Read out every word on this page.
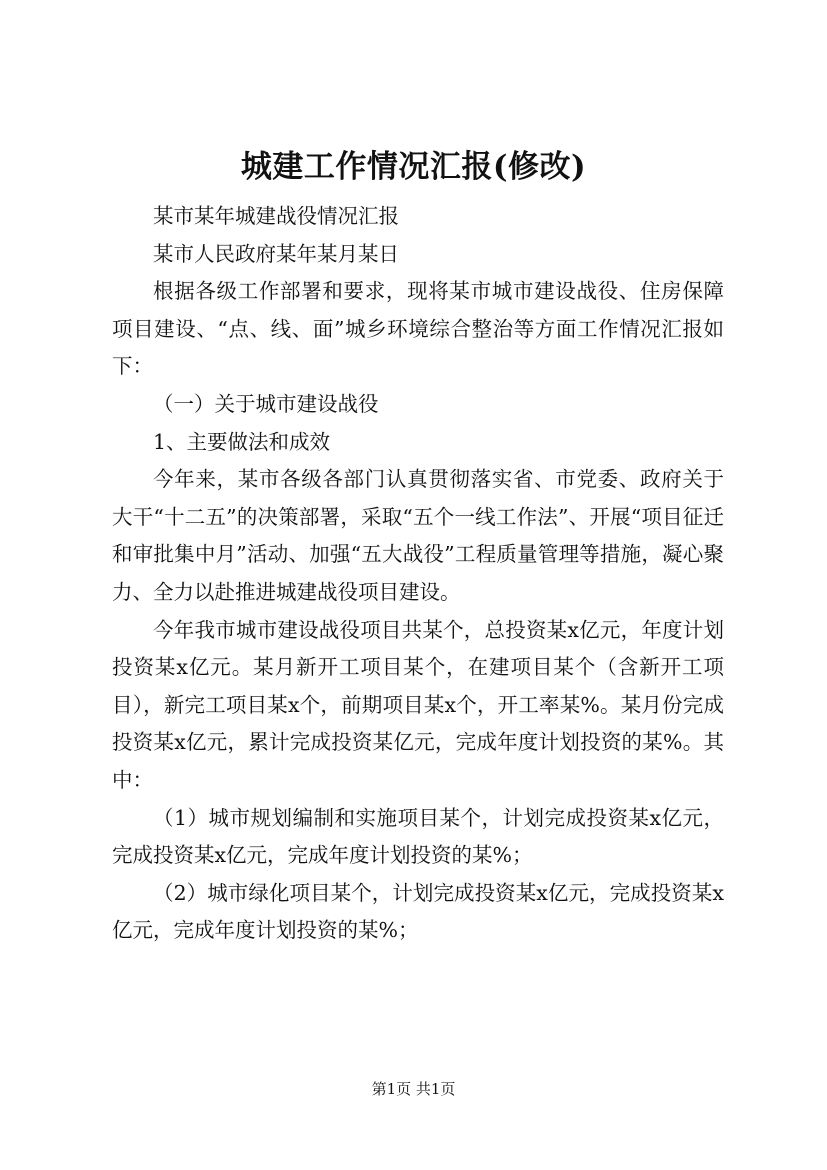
城建工作情况汇报(修改)

某市某年城建战役情况汇报

某市人民政府某年某月某日

根据各级工作部署和要求，现将某市城市建设战役、住房保障项目建设、“点、线、面”城乡环境综合整治等方面工作情况汇报如下：

（一）关于城市建设战役

1、主要做法和成效

今年来，某市各级各部门认真贯彻落实省、市党委、政府关于大干“十二五”的决策部署，采取“五个一线工作法”、开展“项目征迁和审批集中月”活动、加强“五大战役”工程质量管理等措施，凝心聚力、全力以赴推进城建战役项目建设。

今年我市城市建设战役项目共某个，总投资某x亿元，年度计划投资某x亿元。某月新开工项目某个，在建项目某个（含新开工项目），新完工项目某x个，前期项目某x个，开工率某%。某月份完成投资某x亿元，累计完成投资某亿元，完成年度计划投资的某%。其中：

（1）城市规划编制和实施项目某个，计划完成投资某x亿元，完成投资某x亿元，完成年度计划投资的某%；

（2）城市绿化项目某个，计划完成投资某x亿元，完成投资某x亿元，完成年度计划投资的某%；

第1页 共1页
